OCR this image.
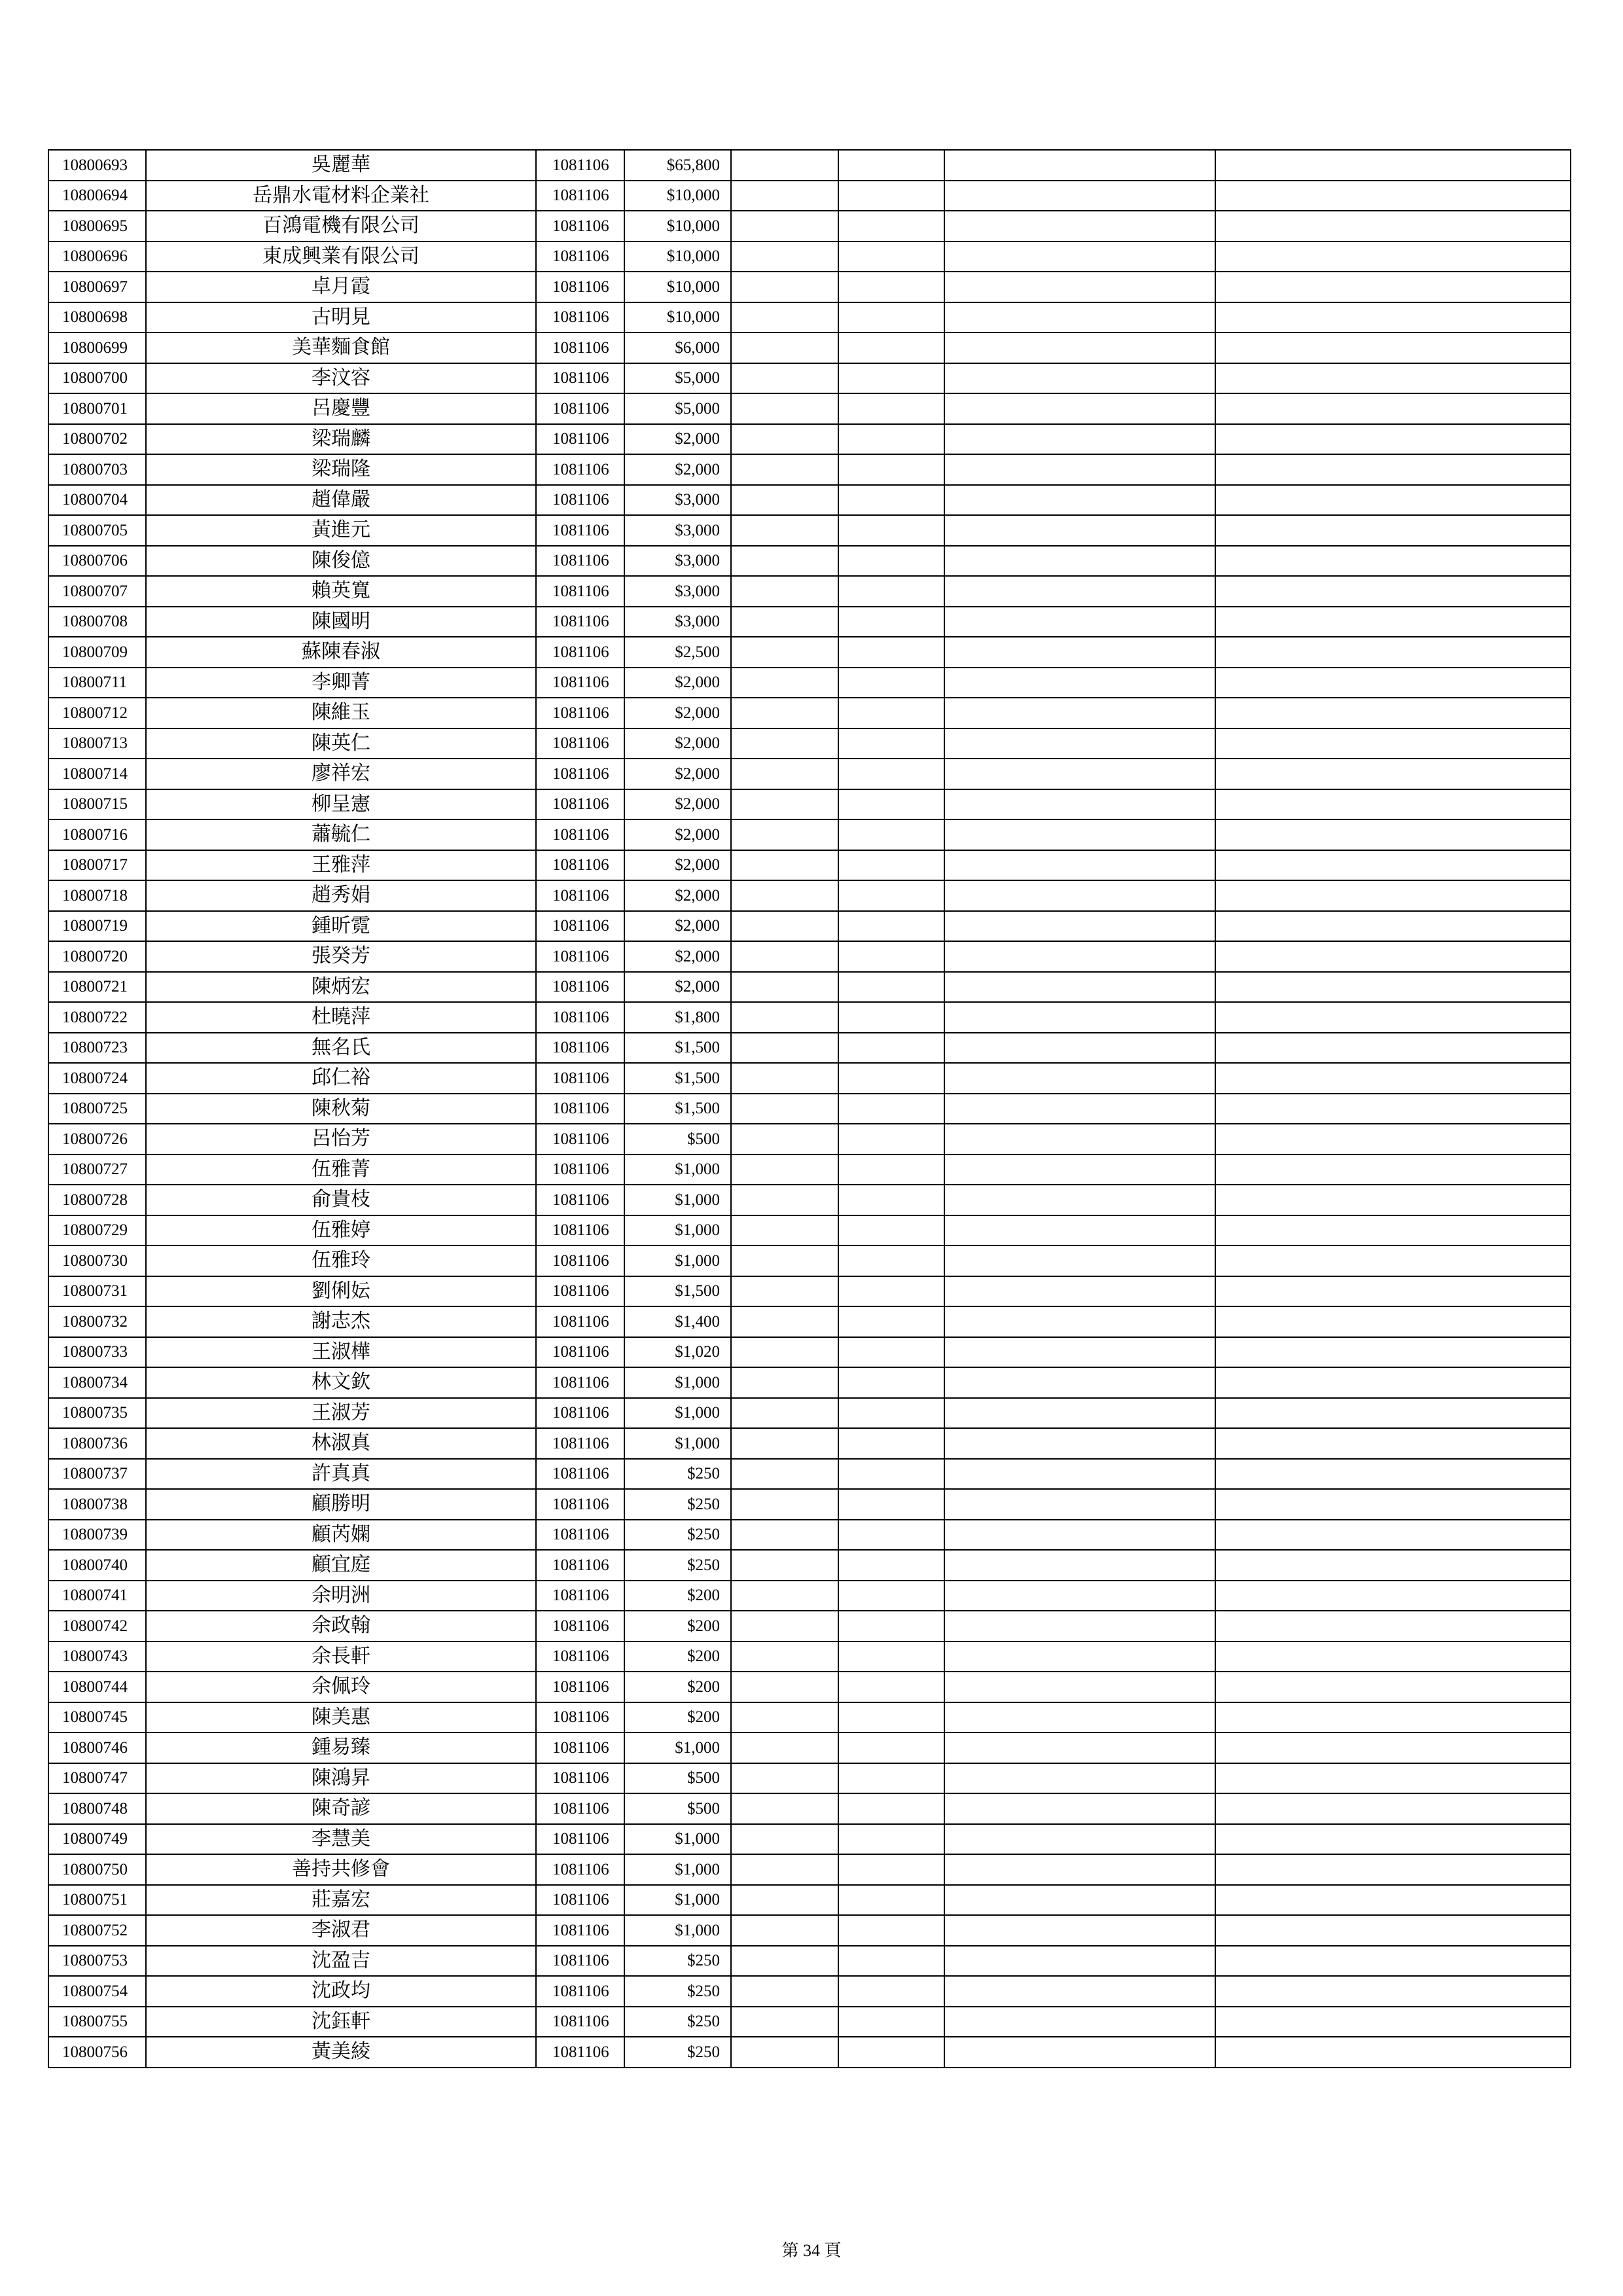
10800693	吳麗華	1081106	$65,800				
10800694	岳鼎水電材料企業社	1081106	$10,000				
10800695	百鴻電機有限公司	1081106	$10,000				
10800696	東成興業有限公司	1081106	$10,000				
10800697	卓月霞	1081106	$10,000				
10800698	古明見	1081106	$10,000				
10800699	美華麵食館	1081106	$6,000				
10800700	李汶容	1081106	$5,000				
10800701	呂慶豐	1081106	$5,000				
10800702	梁瑞麟	1081106	$2,000				
10800703	梁瑞隆	1081106	$2,000				
10800704	趙偉嚴	1081106	$3,000				
10800705	黃進元	1081106	$3,000				
10800706	陳俊億	1081106	$3,000				
10800707	賴英寬	1081106	$3,000				
10800708	陳國明	1081106	$3,000				
10800709	蘇陳春淑	1081106	$2,500				
10800711	李卿菁	1081106	$2,000				
10800712	陳維玉	1081106	$2,000				
10800713	陳英仁	1081106	$2,000				
10800714	廖祥宏	1081106	$2,000				
10800715	柳呈憲	1081106	$2,000				
10800716	蕭毓仁	1081106	$2,000				
10800717	王雅萍	1081106	$2,000				
10800718	趙秀娟	1081106	$2,000				
10800719	鍾昕霓	1081106	$2,000				
10800720	張癸芳	1081106	$2,000				
10800721	陳炳宏	1081106	$2,000				
10800722	杜曉萍	1081106	$1,800				
10800723	無名氏	1081106	$1,500				
10800724	邱仁裕	1081106	$1,500				
10800725	陳秋菊	1081106	$1,500				
10800726	呂怡芳	1081106	$500				
10800727	伍雅菁	1081106	$1,000				
10800728	俞貴枝	1081106	$1,000				
10800729	伍雅婷	1081106	$1,000				
10800730	伍雅玲	1081106	$1,000				
10800731	劉俐妘	1081106	$1,500				
10800732	謝志杰	1081106	$1,400				
10800733	王淑樺	1081106	$1,020				
10800734	林文欽	1081106	$1,000				
10800735	王淑芳	1081106	$1,000				
10800736	林淑真	1081106	$1,000				
10800737	許真真	1081106	$250				
10800738	顧勝明	1081106	$250				
10800739	顧芮嫻	1081106	$250				
10800740	顧宜庭	1081106	$250				
10800741	余明洲	1081106	$200				
10800742	余政翰	1081106	$200				
10800743	余長軒	1081106	$200				
10800744	余佩玲	1081106	$200				
10800745	陳美惠	1081106	$200				
10800746	鍾易臻	1081106	$1,000				
10800747	陳鴻昇	1081106	$500				
10800748	陳奇諺	1081106	$500				
10800749	李慧美	1081106	$1,000				
10800750	善持共修會	1081106	$1,000				
10800751	莊嘉宏	1081106	$1,000				
10800752	李淑君	1081106	$1,000				
10800753	沈盈吉	1081106	$250				
10800754	沈政均	1081106	$250				
10800755	沈鈺軒	1081106	$250				
10800756	黃美綾	1081106	$250				
第 34 頁
